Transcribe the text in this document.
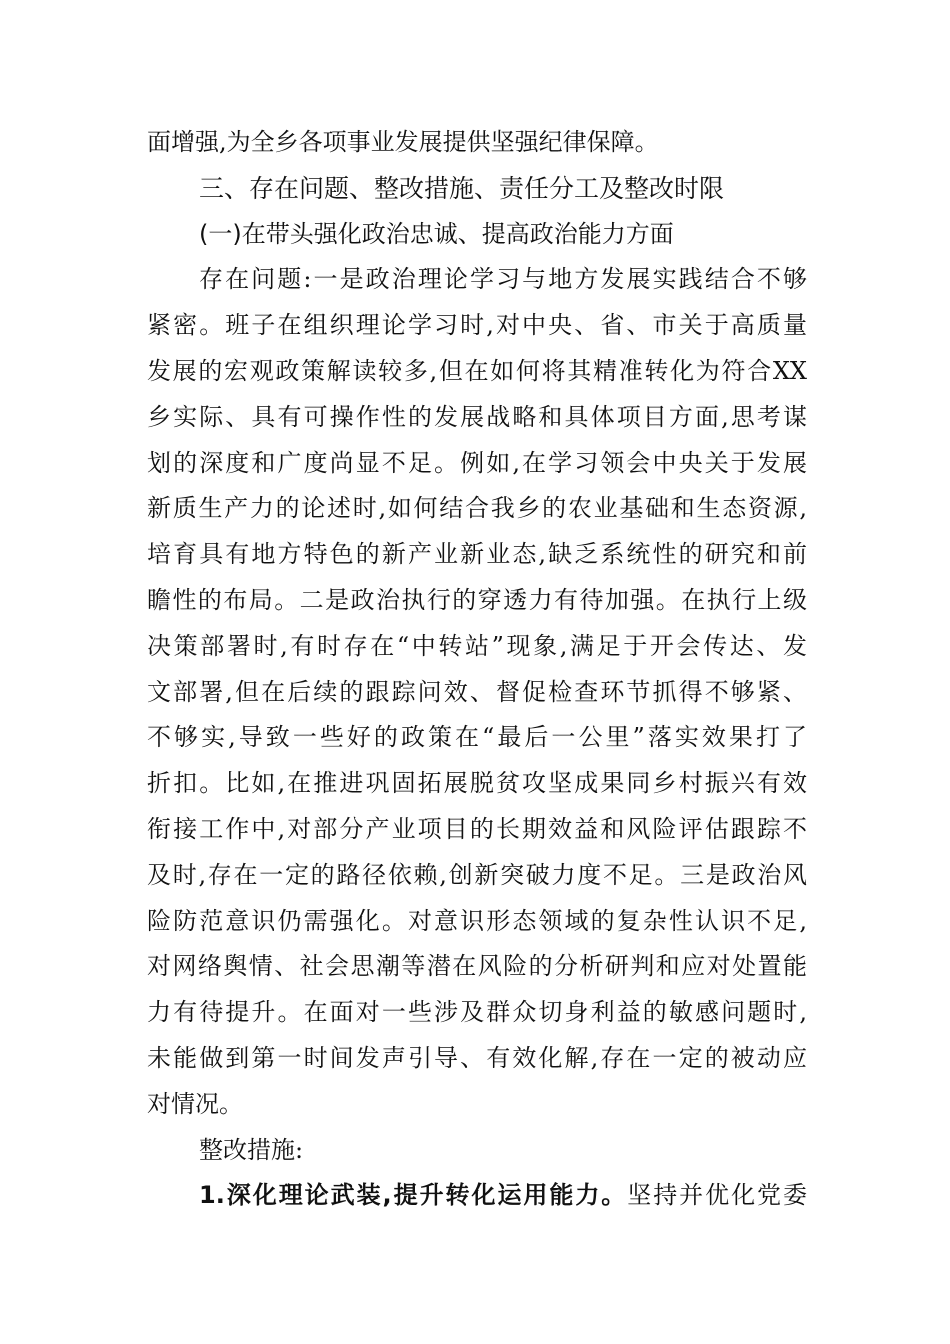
面增强,为全乡各项事业发展提供坚强纪律保障。
三、存在问题、整改措施、责任分工及整改时限
(一)在带头强化政治忠诚、提高政治能力方面
存在问题:一是政治理论学习与地方发展实践结合不够
紧密。班子在组织理论学习时,对中央、省、市关于高质量
发展的宏观政策解读较多,但在如何将其精准转化为符合XX
乡实际、具有可操作性的发展战略和具体项目方面,思考谋
划的深度和广度尚显不足。例如,在学习领会中央关于发展
新质生产力的论述时,如何结合我乡的农业基础和生态资源,
培育具有地方特色的新产业新业态,缺乏系统性的研究和前
瞻性的布局。二是政治执行的穿透力有待加强。在执行上级
决策部署时,有时存在“中转站”现象,满足于开会传达、发
文部署,但在后续的跟踪问效、督促检查环节抓得不够紧、
不够实,导致一些好的政策在“最后一公里”落实效果打了
折扣。比如,在推进巩固拓展脱贫攻坚成果同乡村振兴有效
衔接工作中,对部分产业项目的长期效益和风险评估跟踪不
及时,存在一定的路径依赖,创新突破力度不足。三是政治风
险防范意识仍需强化。对意识形态领域的复杂性认识不足,
对网络舆情、社会思潮等潜在风险的分析研判和应对处置能
力有待提升。在面对一些涉及群众切身利益的敏感问题时,
未能做到第一时间发声引导、有效化解,存在一定的被动应
对情况。
整改措施:
1.深化理论武装,提升转化运用能力。坚持并优化党委
